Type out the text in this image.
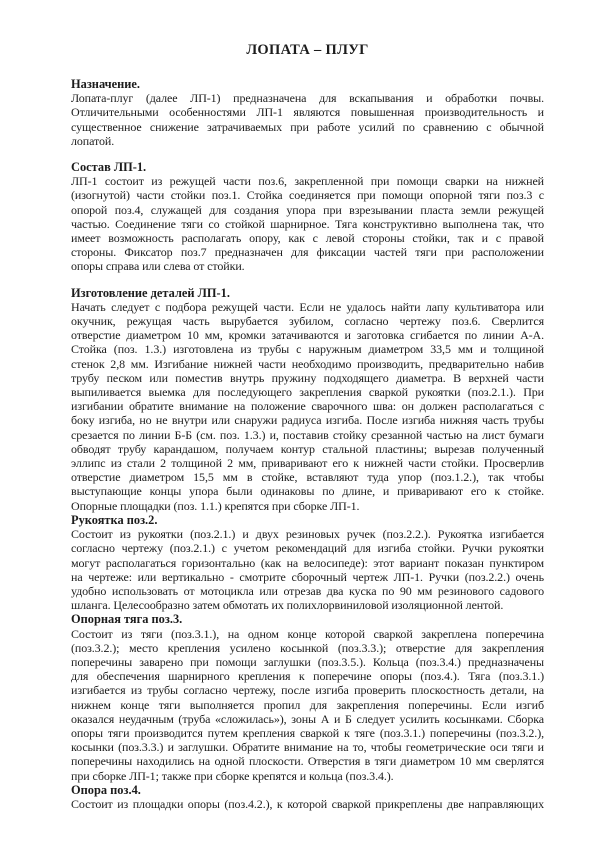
ЛОПАТА – ПЛУГ
Назначение.
Лопата-плуг (далее ЛП-1) предназначена для вскапывания и обработки почвы.
Отличительными особенностями ЛП-1 являются повышенная производительность и
существенное снижение затрачиваемых при работе усилий по сравнению с обычной
лопатой.
Состав ЛП-1.
ЛП-1 состоит из режущей части поз.6, закрепленной при помощи сварки на нижней
(изогнутой) части стойки поз.1. Стойка соединяется при помощи опорной тяги поз.3 с
опорой поз.4, служащей для создания упора при взрезывании пласта земли режущей
частью. Соединение тяги со стойкой шарнирное. Тяга конструктивно выполнена так, что
имеет возможность располагать опору, как с левой стороны стойки, так и с правой
стороны. Фиксатор поз.7 предназначен для фиксации частей тяги при расположении
опоры справа или слева от стойки.
Изготовление деталей ЛП-1.
Начать следует с подбора режущей части. Если не удалось найти лапу культиватора или
окучник, режущая часть вырубается зубилом, согласно чертежу поз.6. Сверлится
отверстие диаметром 10 мм, кромки затачиваются и заготовка сгибается по линии А-А.
Стойка (поз. 1.3.) изготовлена из трубы с наружным диаметром 33,5 мм и толщиной
стенок 2,8 мм. Изгибание нижней части необходимо производить, предварительно набив
трубу песком или поместив внутрь пружину подходящего диаметра. В верхней части
выпиливается выемка для последующего закрепления сваркой рукоятки (поз.2.1.). При
изгибании обратите внимание на положение сварочного шва: он должен располагаться с
боку изгиба, но не внутри или снаружи радиуса изгиба. После изгиба нижняя часть трубы
срезается по линии Б-Б (см. поз. 1.3.) и, поставив стойку срезанной частью на лист бумаги
обводят трубу карандашом, получаем контур стальной пластины; вырезав полученный
эллипс из стали 2 толщиной 2 мм, приваривают его к нижней части стойки. Просверлив
отверстие диаметром 15,5 мм в стойке, вставляют туда упор (поз.1.2.), так чтобы
выступающие концы упора были одинаковы по длине, и приваривают его к стойке.
Опорные площадки (поз. 1.1.) крепятся при сборке ЛП-1.
Рукоятка поз.2.
Состоит из рукоятки (поз.2.1.) и двух резиновых ручек (поз.2.2.). Рукоятка изгибается
согласно чертежу (поз.2.1.) с учетом рекомендаций для изгиба стойки. Ручки рукоятки
могут располагаться горизонтально (как на велосипеде): этот вариант показан пунктиром
на чертеже: или вертикально - смотрите сборочный чертеж ЛП-1. Ручки (поз.2.2.) очень
удобно использовать от мотоцикла или отрезав два куска по 90 мм резинового садового
шланга. Целесообразно затем обмотать их полихлорвиниловой изоляционной лентой.
Опорная тяга поз.3.
Состоит из тяги (поз.3.1.), на одном конце которой сваркой закреплена поперечина
(поз.3.2.); место крепления усилено косынкой (поз.3.3.); отверстие для закрепления
поперечины заварено при помощи заглушки (поз.3.5.). Кольца (поз.3.4.) предназначены
для обеспечения шарнирного крепления к поперечине опоры (поз.4.). Тяга (поз.3.1.)
изгибается из трубы согласно чертежу, после изгиба проверить плоскостность детали, на
нижнем конце тяги выполняется пропил для закрепления поперечины. Если изгиб
оказался неудачным (труба «сложилась»), зоны А и Б следует усилить косынками. Сборка
опоры тяги производится путем крепления сваркой к тяге (поз.3.1.) поперечины (поз.3.2.),
косынки (поз.3.3.) и заглушки. Обратите внимание на то, чтобы геометрические оси тяги и
поперечины находились на одной плоскости. Отверстия в тяги диаметром 10 мм сверлятся
при сборке ЛП-1; также при сборке крепятся и кольца (поз.3.4.).
Опора поз.4.
Состоит из площадки опоры (поз.4.2.), к которой сваркой прикреплены две направляющих
